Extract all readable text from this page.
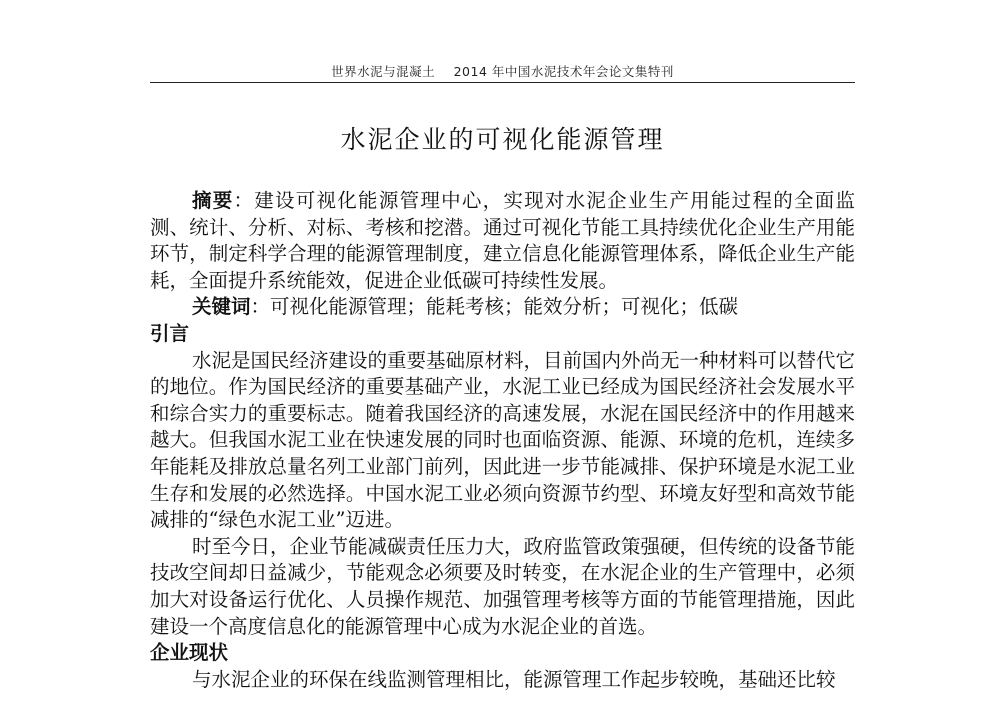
世界水泥与混凝土 2014 年中国水泥技术年会论文集特刊
水泥企业的可视化能源管理

摘要：建设可视化能源管理中心，实现对水泥企业生产用能过程的全面监测、统计、分析、对标、考核和挖潜。通过可视化节能工具持续优化企业生产用能环节，制定科学合理的能源管理制度，建立信息化能源管理体系，降低企业生产能耗，全面提升系统能效，促进企业低碳可持续性发展。

关键词：可视化能源管理；能耗考核；能效分析；可视化；低碳

引言

水泥是国民经济建设的重要基础原材料，目前国内外尚无一种材料可以替代它的地位。作为国民经济的重要基础产业，水泥工业已经成为国民经济社会发展水平和综合实力的重要标志。随着我国经济的高速发展，水泥在国民经济中的作用越来越大。但我国水泥工业在快速发展的同时也面临资源、能源、环境的危机，连续多年能耗及排放总量名列工业部门前列，因此进一步节能减排、保护环境是水泥工业生存和发展的必然选择。中国水泥工业必须向资源节约型、环境友好型和高效节能减排的“绿色水泥工业”迈进。

时至今日，企业节能减碳责任压力大，政府监管政策强硬，但传统的设备节能技改空间却日益减少，节能观念必须要及时转变，在水泥企业的生产管理中，必须加大对设备运行优化、人员操作规范、加强管理考核等方面的节能管理措施，因此建设一个高度信息化的能源管理中心成为水泥企业的首选。

企业现状

与水泥企业的环保在线监测管理相比，能源管理工作起步较晚，基础还比较
